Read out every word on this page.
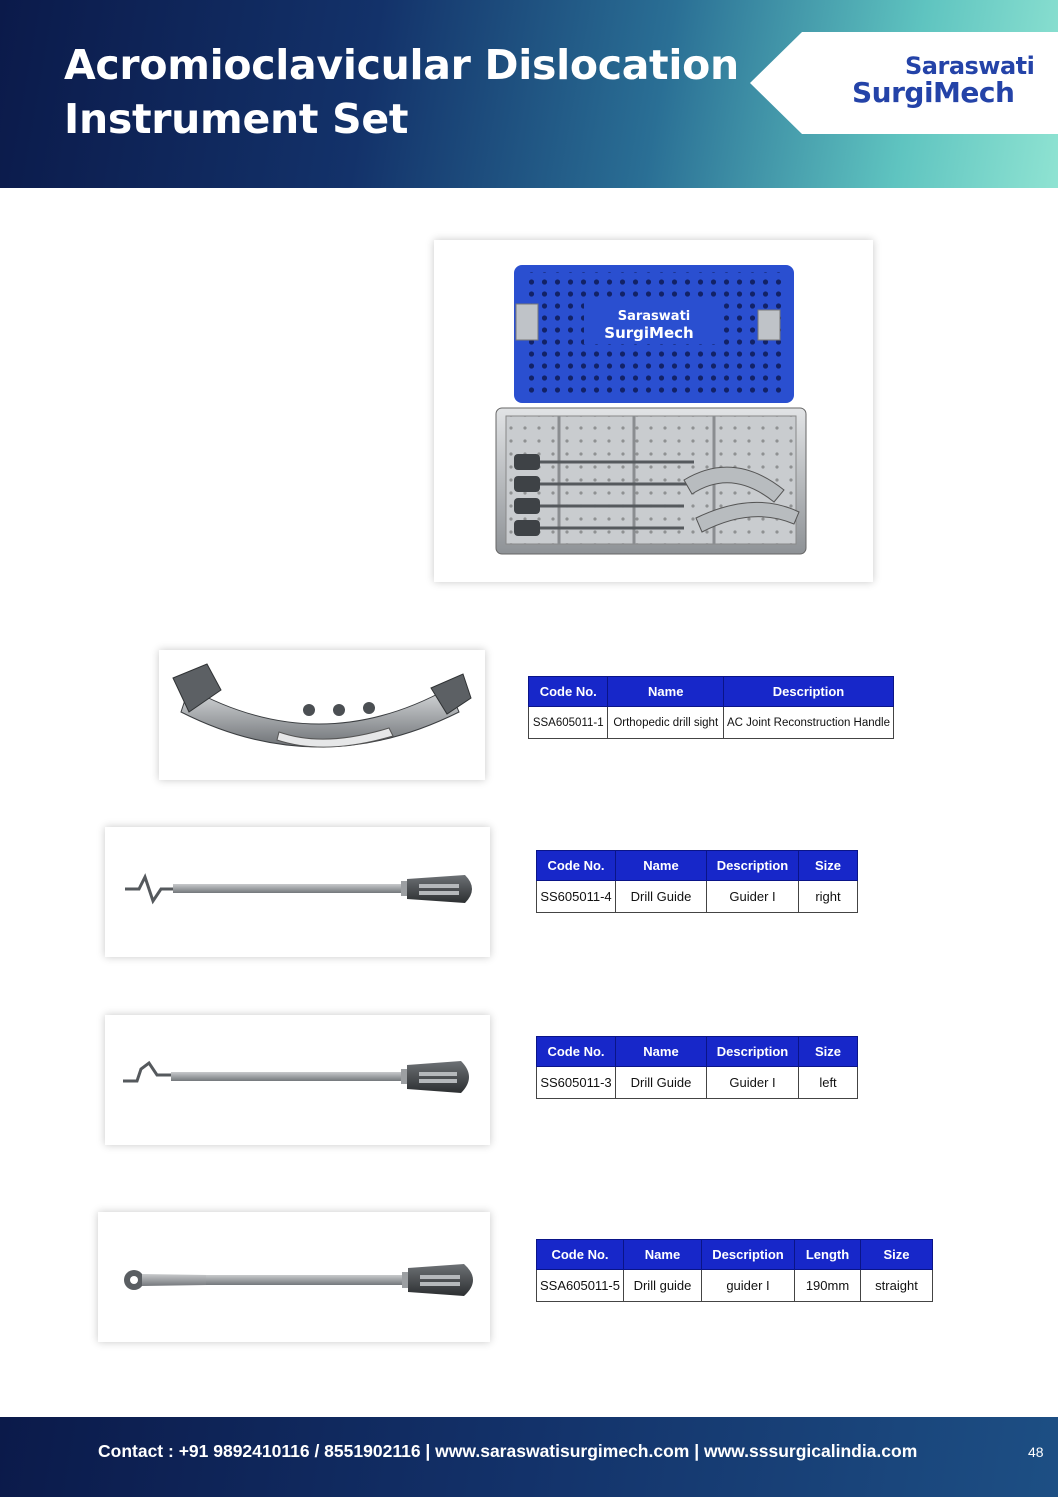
Acromioclavicular Dislocation
Instrument Set
Saraswati
SurgiMech
Saraswati
SurgiMech
Code No.	Name	Description
SSA605011-1	Orthopedic drill sight	AC Joint Reconstruction Handle
Code No.	Name	Description	Size
SS605011-4	Drill Guide	Guider I	right
Code No.	Name	Description	Size
SS605011-3	Drill Guide	Guider I	left
Code No.	Name	Description	Length	Size
SSA605011-5	Drill guide	guider I	190mm	straight
Contact : +91 9892410116 / 8551902116 | www.saraswatisurgimech.com | www.sssurgicalindia.com	48
